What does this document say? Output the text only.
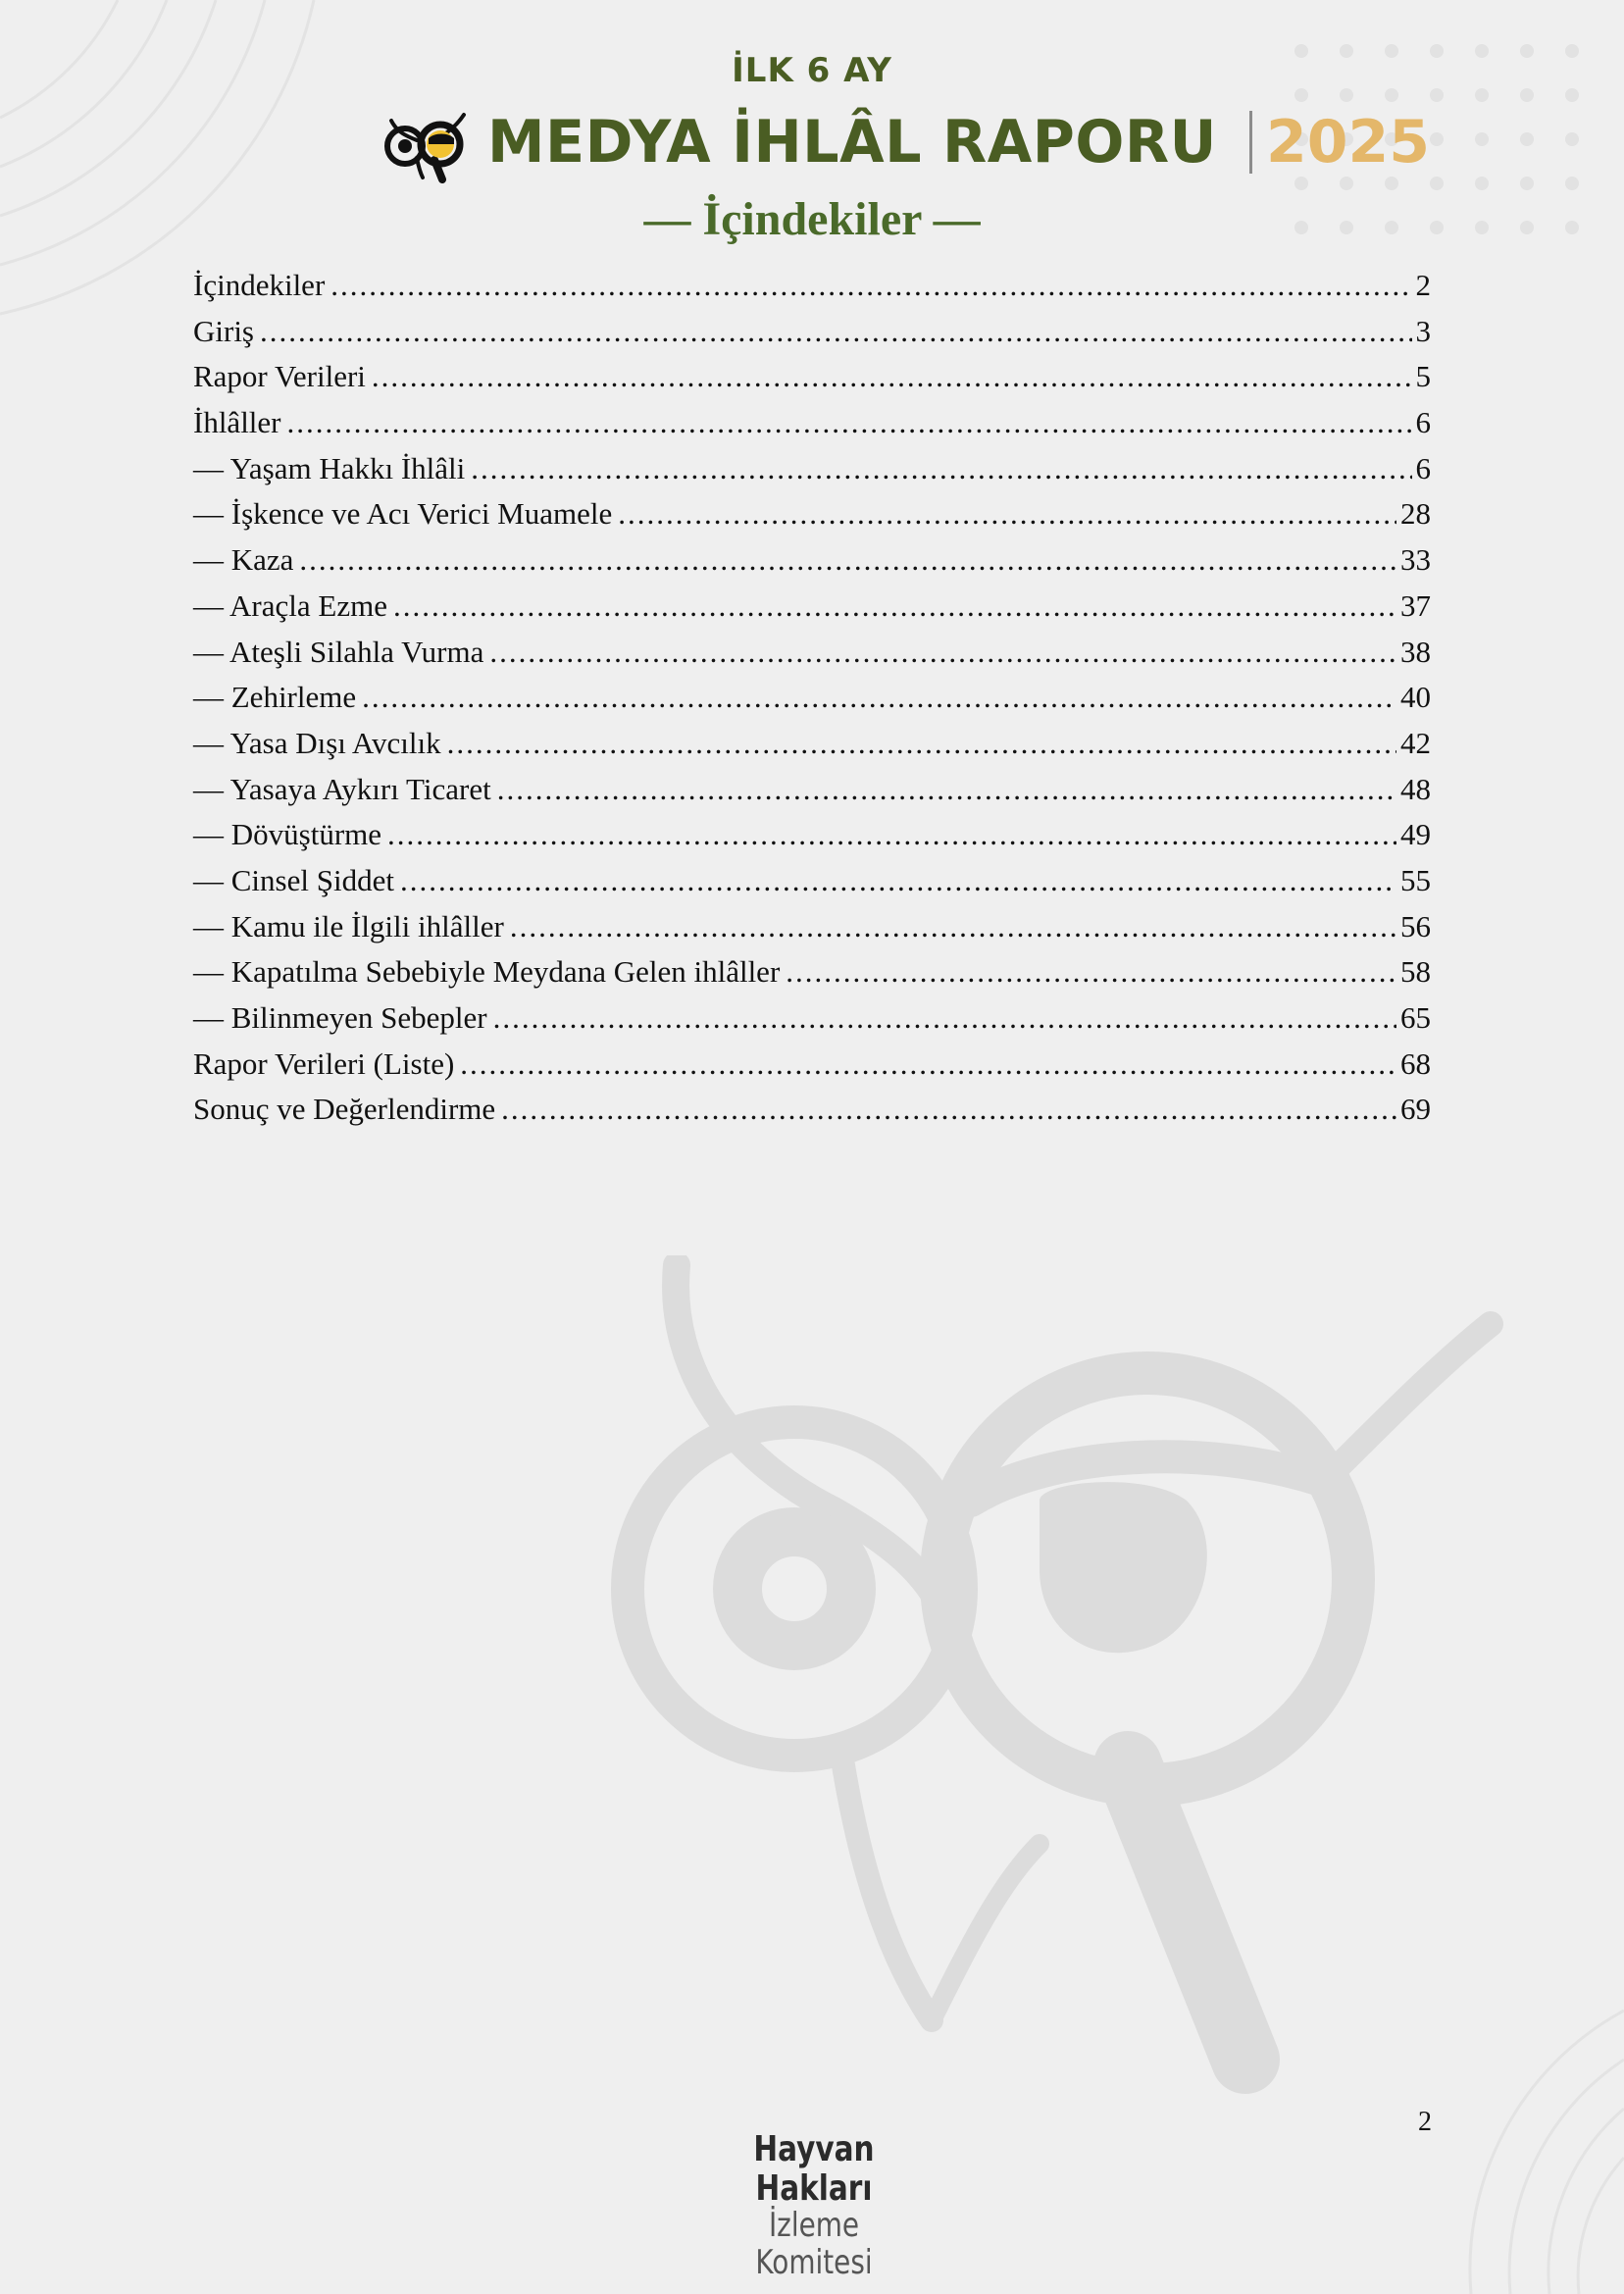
İLK 6 AY
MEDYA İHLÂL RAPORU 2025
— İçindekiler —
İçindekiler .....	2
Giriş .....	3
Rapor Verileri .....	5
İhlâller .....	6
— Yaşam Hakkı İhlâli .....	6
— İşkence ve Acı Verici Muamele .....	28
— Kaza .....	33
— Araçla Ezme .....	37
— Ateşli Silahla Vurma .....	38
— Zehirleme .....	40
— Yasa Dışı Avcılık .....	42
— Yasaya Aykırı Ticaret .....	48
— Dövüştürme .....	49
— Cinsel Şiddet .....	55
— Kamu ile İlgili ihlâller .....	56
— Kapatılma Sebebiyle Meydana Gelen ihlâller .....	58
— Bilinmeyen Sebepler .....	65
Rapor Verileri (Liste) .....	68
Sonuç ve Değerlendirme .....	69
2
Hayvan Hakları
İzleme Komitesi
